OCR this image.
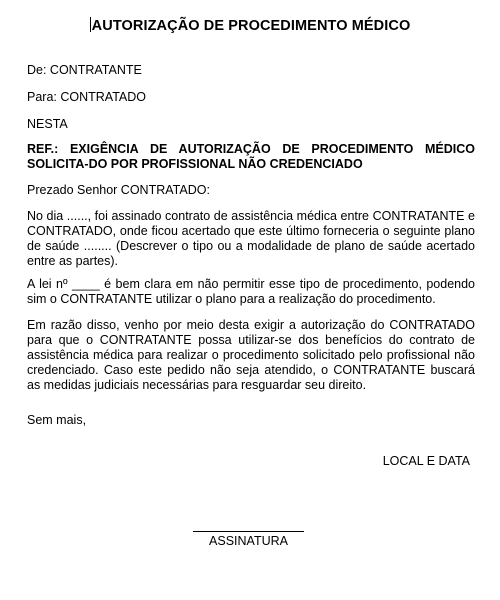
AUTORIZAÇÃO DE PROCEDIMENTO MÉDICO
De: CONTRATANTE
Para: CONTRATADO
NESTA
REF.: EXIGÊNCIA DE AUTORIZAÇÃO DE PROCEDIMENTO MÉDICO SOLICITA-DO POR PROFISSIONAL NÃO CREDENCIADO
Prezado Senhor CONTRATADO:
No dia ......, foi assinado contrato de assistência médica entre CONTRATANTE e CONTRATADO, onde ficou acertado que este último forneceria o seguinte plano de saúde ........ (Descrever o tipo ou a modalidade de plano de saúde acertado entre as partes).
A lei nº ____ é bem clara em não permitir esse tipo de procedimento, podendo sim o CONTRATANTE utilizar o plano para a realização do procedimento.
Em razão disso, venho por meio desta exigir a autorização do CONTRATADO para que o CONTRATANTE possa utilizar-se dos benefícios do contrato de assistência médica para realizar o procedimento solicitado pelo profissional não credenciado. Caso este pedido não seja atendido, o CONTRATANTE buscará as medidas judiciais necessárias para resguardar seu direito.
Sem mais,
LOCAL E DATA
ASSINATURA
